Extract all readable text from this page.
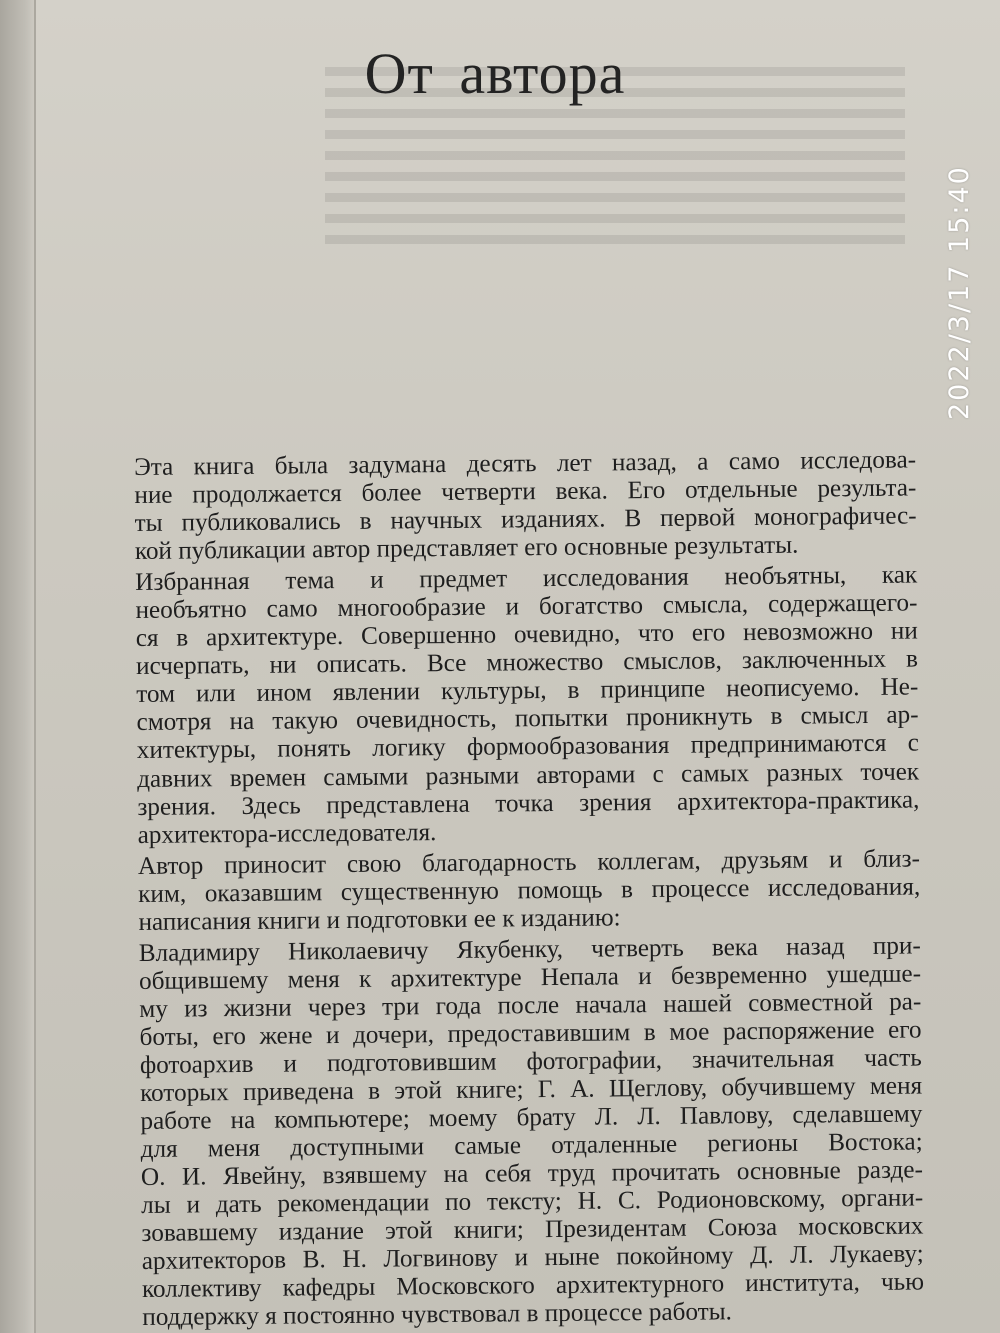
От автора
Эта книга была задумана десять лет назад, а само исследова-
ние продолжается более четверти века. Его отдельные результа-
ты публиковались в научных изданиях. В первой монографичес-
кой публикации автор представляет его основные результаты.
Избранная тема и предмет исследования необъятны, как
необъятно само многообразие и богатство смысла, содержащего-
ся в архитектуре. Совершенно очевидно, что его невозможно ни
исчерпать, ни описать. Все множество смыслов, заключенных в
том или ином явлении культуры, в принципе неописуемо. Не-
смотря на такую очевидность, попытки проникнуть в смысл ар-
хитектуры, понять логику формообразования предпринимаются с
давних времен самыми разными авторами с самых разных точек
зрения. Здесь представлена точка зрения архитектора-практика,
архитектора-исследователя.
Автор приносит свою благодарность коллегам, друзьям и близ-
ким, оказавшим существенную помощь в процессе исследования,
написания книги и подготовки ее к изданию:
Владимиру Николаевичу Якубенку, четверть века назад при-
общившему меня к архитектуре Непала и безвременно ушедше-
му из жизни через три года после начала нашей совместной ра-
боты, его жене и дочери, предоставившим в мое распоряжение его
фотоархив и подготовившим фотографии, значительная часть
которых приведена в этой книге; Г. А. Щеглову, обучившему меня
работе на компьютере; моему брату Л. Л. Павлову, сделавшему
для меня доступными самые отдаленные регионы Востока;
О. И. Явейну, взявшему на себя труд прочитать основные разде-
лы и дать рекомендации по тексту; Н. С. Родионовскому, органи-
зовавшему издание этой книги; Президентам Союза московских
архитекторов В. Н. Логвинову и ныне покойному Д. Л. Лукаеву;
коллективу кафедры Московского архитектурного института, чью
поддержку я постоянно чувствовал в процессе работы.
2022/3/17 15:40
